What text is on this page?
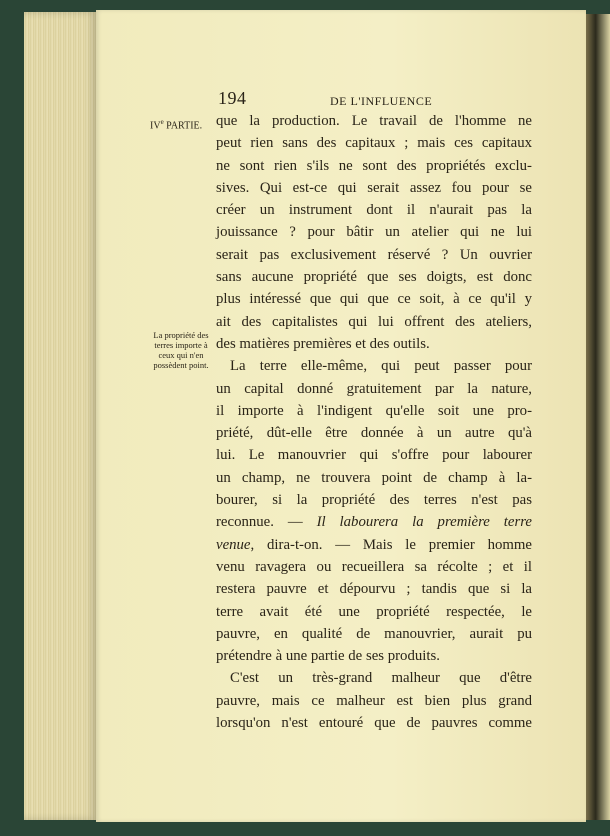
194	DE L'INFLUENCE
IVe PARTIE.
La propriété des terres importe à ceux qui n'en possèdent point.

que la production. Le travail de l'homme ne
peut rien sans des capitaux ; mais ces capitaux
ne sont rien s'ils ne sont des propriétés exclu-
sives. Qui est-ce qui serait assez fou pour se
créer un instrument dont il n'aurait pas la
jouissance ? pour bâtir un atelier qui ne lui
serait pas exclusivement réservé ? Un ouvrier
sans aucune propriété que ses doigts, est donc
plus intéressé que qui que ce soit, à ce qu'il y
ait des capitalistes qui lui offrent des ateliers,
des matières premières et des outils.

La terre elle-même, qui peut passer pour
un capital donné gratuitement par la nature,
il importe à l'indigent qu'elle soit une pro-
priété, dût-elle être donnée à un autre qu'à
lui. Le manouvrier qui s'offre pour labourer
un champ, ne trouvera point de champ à la-
bourer, si la propriété des terres n'est pas
reconnue. — Il labourera la première terre
venue, dira-t-on. — Mais le premier homme
venu ravagera ou recueillera sa récolte ; et il
restera pauvre et dépourvu ; tandis que si la
terre avait été une propriété respectée, le
pauvre, en qualité de manouvrier, aurait pu
prétendre à une partie de ses produits.

C'est un très-grand malheur que d'être
pauvre, mais ce malheur est bien plus grand
lorsqu'on n'est entouré que de pauvres comme
